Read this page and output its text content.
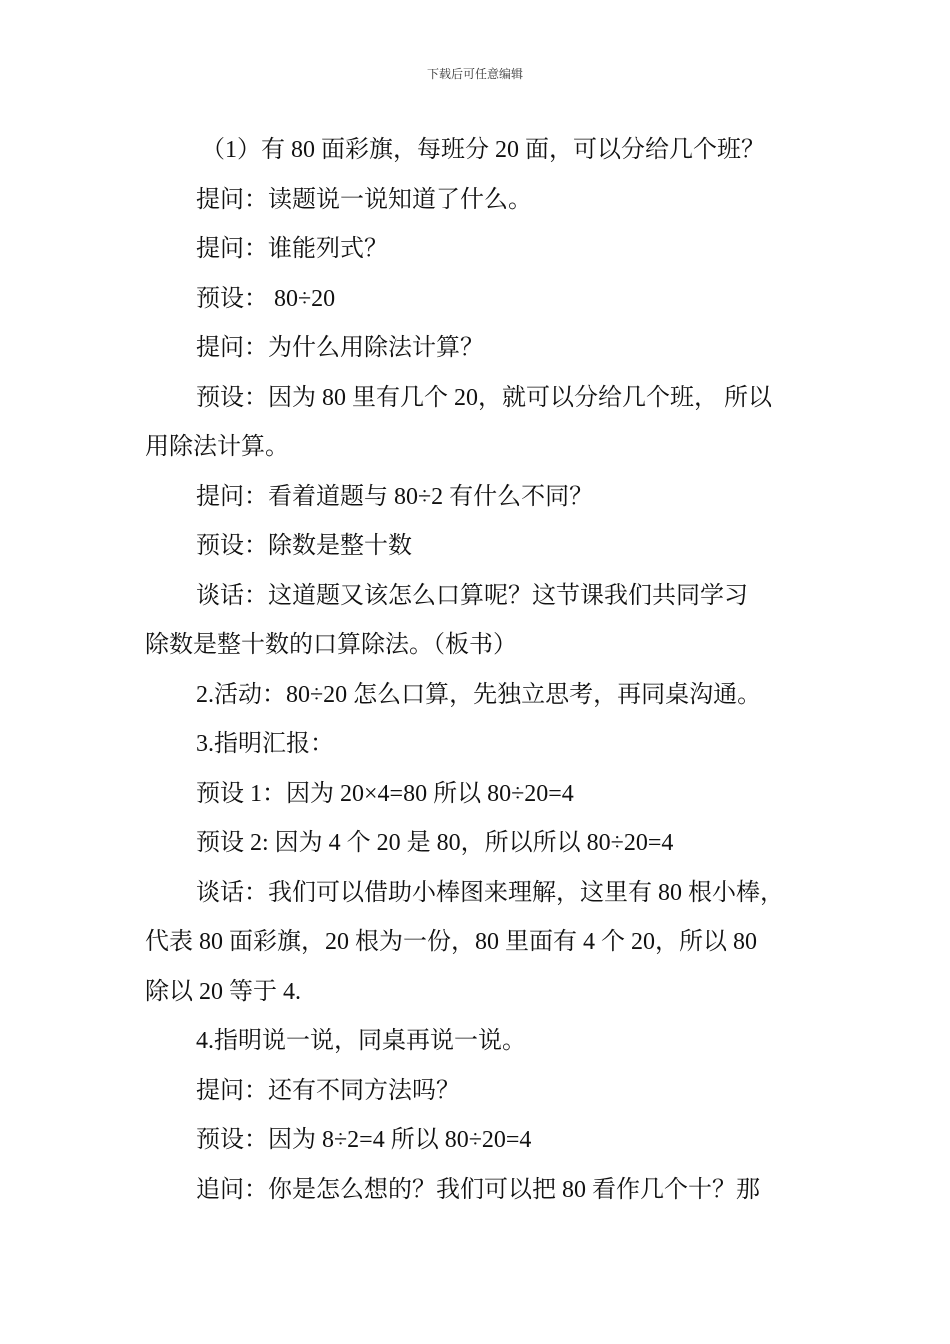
下载后可任意编辑
（1）有 80 面彩旗，每班分 20 面，可以分给几个班？
提问：读题说一说知道了什么。
提问：谁能列式？
预设： 80÷20
提问：为什么用除法计算？
预设：因为 80 里有几个 20，就可以分给几个班， 所以
用除法计算。
提问：看着道题与 80÷2 有什么不同？
预设：除数是整十数
谈话：这道题又该怎么口算呢？这节课我们共同学习
除数是整十数的口算除法。（板书）
2.活动：80÷20 怎么口算，先独立思考，再同桌沟通。
3.指明汇报：
预设 1：因为 20×4=80 所以 80÷20=4
预设 2: 因为 4 个 20 是 80，所以所以 80÷20=4
谈话：我们可以借助小棒图来理解，这里有 80 根小棒，
代表 80 面彩旗，20 根为一份，80 里面有 4 个 20，所以 80
除以 20 等于 4.
4.指明说一说，同桌再说一说。
提问：还有不同方法吗？
预设：因为 8÷2=4 所以 80÷20=4
追问：你是怎么想的？我们可以把 80 看作几个十？那
